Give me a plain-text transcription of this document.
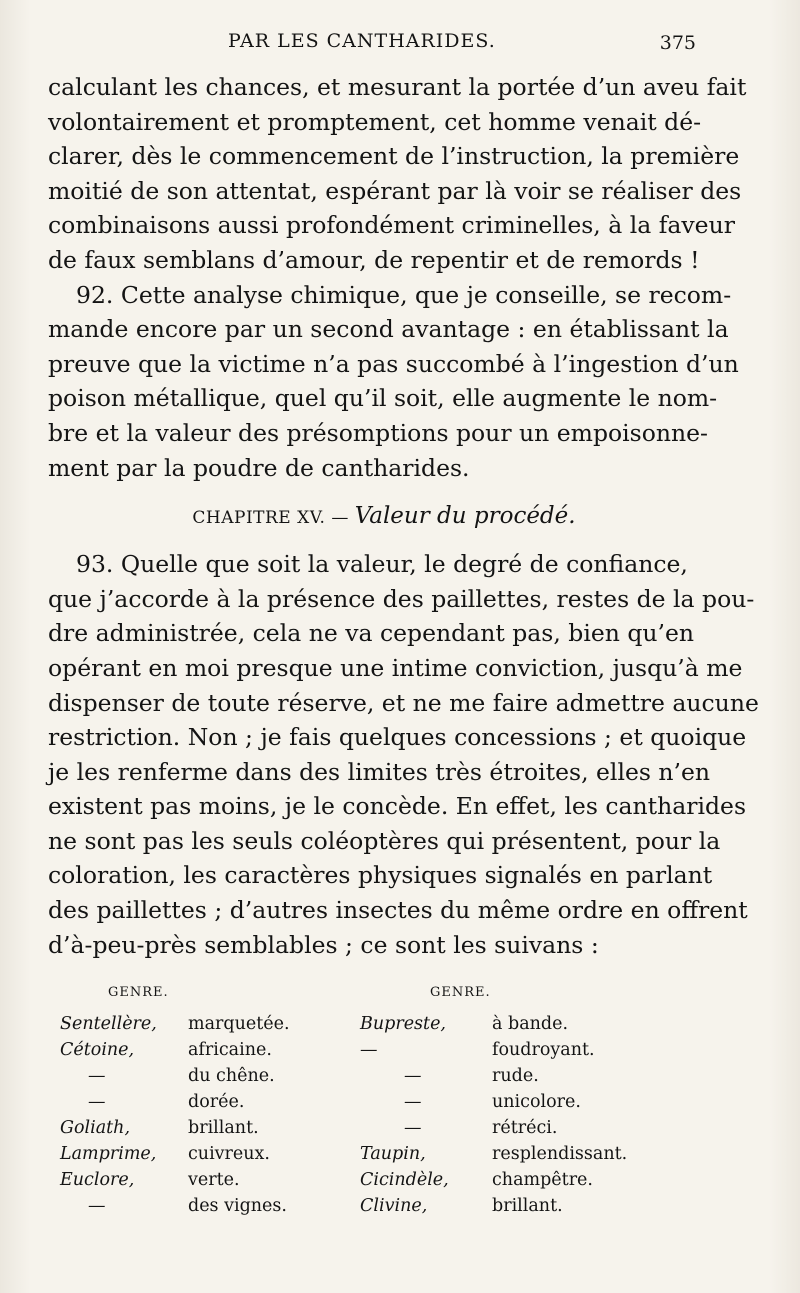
PAR LES CANTHARIDES.	375
calculant les chances, et mesurant la portée d’un aveu fait
volontairement et promptement, cet homme venait dé-
clarer, dès le commencement de l’instruction, la première
moitié de son attentat, espérant par là voir se réaliser des
combinaisons aussi profondément criminelles, à la faveur
de faux semblans d’amour, de repentir et de remords !
92. Cette analyse chimique, que je conseille, se recom-
mande encore par un second avantage : en établissant la
preuve que la victime n’a pas succombé à l’ingestion d’un
poison métallique, quel qu’il soit, elle augmente le nom-
bre et la valeur des présomptions pour un empoisonne-
ment par la poudre de cantharides.
CHAPITRE XV. — Valeur du procédé.
93. Quelle que soit la valeur, le degré de confiance,
que j’accorde à la présence des paillettes, restes de la pou-
dre administrée, cela ne va cependant pas, bien qu’en
opérant en moi presque une intime conviction, jusqu’à me
dispenser de toute réserve, et ne me faire admettre aucune
restriction. Non ; je fais quelques concessions ; et quoique
je les renferme dans des limites très étroites, elles n’en
existent pas moins, je le concède. En effet, les cantharides
ne sont pas les seuls coléoptères qui présentent, pour la
coloration, les caractères physiques signalés en parlant
des paillettes ; d’autres insectes du même ordre en offrent
d’à-peu-près semblables ; ce sont les suivans :
GENRE.	GENRE.
Sentellère, marquetée.	Bupreste,	à bande.
Cétoine,	africaine.	—	foudroyant.
—	du chêne.	—	rude.
—	dorée.	—	unicolore.
Goliath,	brillant.	—	rétréci.
Lamprime, cuivreux.	Taupin,	resplendissant.
Euclore,	verte.	Cicindèle, champêtre.
—	des vignes.	Clivine,	brillant.
